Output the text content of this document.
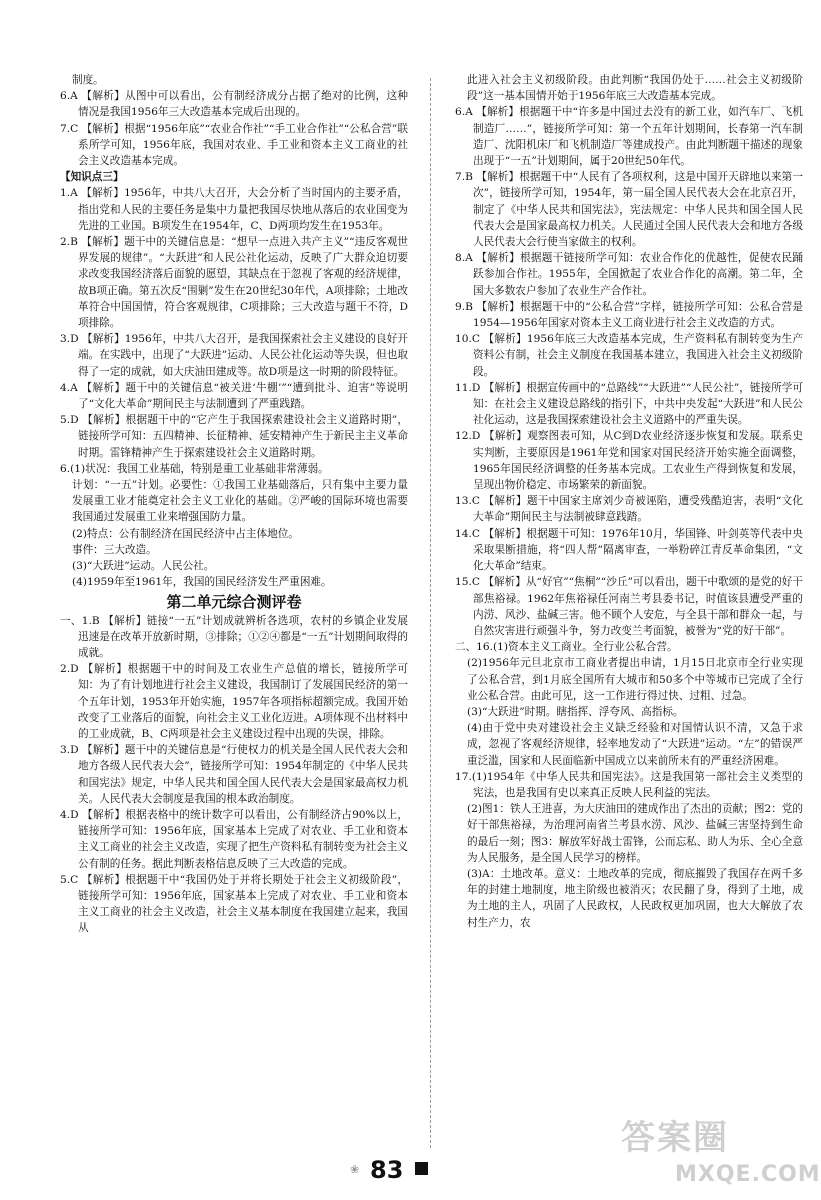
制度。
6.A 【解析】从图中可以看出，公有制经济成分占据了绝对的比例，这种情况是我国1956年三大改造基本完成后出现的。
7.C 【解析】根据“1956年底”“农业合作社”“手工业合作社”“公私合营”联系所学可知，1956年底，我国对农业、手工业和资本主义工商业的社会主义改造基本完成。
【知识点三】
1.A 【解析】1956年，中共八大召开，大会分析了当时国内的主要矛盾，指出党和人民的主要任务是集中力量把我国尽快地从落后的农业国变为先进的工业国。B项发生在1954年，C、D两项均发生在1953年。
2.B 【解析】题干中的关键信息是：“想早一点进入共产主义”“违反客观世界发展的规律”。“大跃进”和人民公社化运动，反映了广大群众迫切要求改变我国经济落后面貌的愿望，其缺点在于忽视了客观的经济规律，故B项正确。第五次反“围剿”发生在20世纪30年代，A项排除；土地改革符合中国国情，符合客观规律，C项排除；三大改造与题干不符，D项排除。
3.D 【解析】1956年，中共八大召开，是我国探索社会主义建设的良好开端。在实践中，出现了“大跃进”运动、人民公社化运动等失误，但也取得了一定的成就，如大庆油田建成等。故D项是这一时期的阶段特征。
4.A 【解析】题干中的关键信息“被关进‘牛棚’”“遭到批斗、迫害”等说明了“文化大革命”期间民主与法制遭到了严重践踏。
5.D 【解析】根据题干中的“它产生于我国探索建设社会主义道路时期”，链接所学可知：五四精神、长征精神、延安精神产生于新民主主义革命时期。雷锋精神产生于探索建设社会主义道路时期。
6.(1)状况：我国工业基础，特别是重工业基础非常薄弱。
计划：“一五”计划。必要性：①我国工业基础落后，只有集中主要力量发展重工业才能奠定社会主义工业化的基础。②严峻的国际环境也需要我国通过发展重工业来增强国防力量。
(2)特点：公有制经济在国民经济中占主体地位。
事件：三大改造。
(3)“大跃进”运动。人民公社。
(4)1959年至1961年，我国的国民经济发生严重困难。
第二单元综合测评卷
一、1.B 【解析】链接“一五”计划成就辨析各选项，农村的乡镇企业发展迅速是在改革开放新时期，③排除；①②④都是“一五”计划期间取得的成就。
2.D 【解析】根据题干中的时间及工农业生产总值的增长，链接所学可知：为了有计划地进行社会主义建设，我国制订了发展国民经济的第一个五年计划，1953年开始实施，1957年各项指标超额完成。我国开始改变了工业落后的面貌，向社会主义工业化迈进。A项体现不出材料中的工业成就，B、C两项是社会主义建设过程中出现的失误，排除。
3.D 【解析】题干中的关键信息是“行使权力的机关是全国人民代表大会和地方各级人民代表大会”，链接所学可知：1954年制定的《中华人民共和国宪法》规定，中华人民共和国全国人民代表大会是国家最高权力机关。人民代表大会制度是我国的根本政治制度。
4.D 【解析】根据表格中的统计数字可以看出，公有制经济占90%以上，链接所学可知：1956年底，国家基本上完成了对农业、手工业和资本主义工商业的社会主义改造，实现了把生产资料私有制转变为社会主义公有制的任务。据此判断表格信息反映了三大改造的完成。
5.C 【解析】根据题干中“我国仍处于并将长期处于社会主义初级阶段”，链接所学可知：1956年底，国家基本上完成了对农业、手工业和资本主义工商业的社会主义改造，社会主义基本制度在我国建立起来，我国从
此进入社会主义初级阶段。由此判断“我国仍处于……社会主义初级阶段”这一基本国情开始于1956年底三大改造基本完成。
6.A 【解析】根据题干中“许多是中国过去没有的新工业，如汽车厂、飞机制造厂……”，链接所学可知：第一个五年计划期间，长春第一汽车制造厂、沈阳机床厂和飞机制造厂等建成投产。由此判断题干描述的现象出现于“一五”计划期间，属于20世纪50年代。
7.B 【解析】根据题干中“人民有了各项权利，这是中国开天辟地以来第一次”，链接所学可知，1954年，第一届全国人民代表大会在北京召开，制定了《中华人民共和国宪法》，宪法规定：中华人民共和国全国人民代表大会是国家最高权力机关。人民通过全国人民代表大会和地方各级人民代表大会行使当家做主的权利。
8.A 【解析】根据题干链接所学可知：农业合作化的优越性，促使农民踊跃参加合作社。1955年，全国掀起了农业合作化的高潮。第二年，全国大多数农户参加了农业生产合作社。
9.B 【解析】根据题干中的“公私合营”字样，链接所学可知：公私合营是1954—1956年国家对资本主义工商业进行社会主义改造的方式。
10.C 【解析】1956年底三大改造基本完成，生产资料私有制转变为生产资料公有制，社会主义制度在我国基本建立，我国进入社会主义初级阶段。
11.D 【解析】根据宣传画中的“总路线”“大跃进”“人民公社”，链接所学可知：在社会主义建设总路线的指引下，中共中央发起“大跃进”和人民公社化运动，这是我国探索建设社会主义道路中的严重失误。
12.D 【解析】观察图表可知，从C到D农业经济逐步恢复和发展。联系史实判断，主要原因是1961年党和国家对国民经济开始实施全面调整，1965年国民经济调整的任务基本完成。工农业生产得到恢复和发展，呈现出物价稳定、市场繁荣的新面貌。
13.C 【解析】题干中国家主席刘少奇被诬陷，遭受残酷迫害，表明“文化大革命”期间民主与法制被肆意践踏。
14.C 【解析】根据题干可知：1976年10月，华国锋、叶剑英等代表中央采取果断措施，将“四人帮”隔离审查，一举粉碎江青反革命集团，“文化大革命”结束。
15.C 【解析】从“好官”“焦桐”“沙丘”可以看出，题干中歌颂的是党的好干部焦裕禄。1962年焦裕禄任河南兰考县委书记，时值该县遭受严重的内涝、风沙、盐碱三害。他不顾个人安危，与全县干部和群众一起，与自然灾害进行顽强斗争，努力改变兰考面貌，被誉为“党的好干部”。
二、16.(1)资本主义工商业。全行业公私合营。
(2)1956年元旦北京市工商业者提出申请，1月15日北京市全行业实现了公私合营，到1月底全国所有大城市和50多个中等城市已完成了全行业公私合营。由此可见，这一工作进行得过快、过粗、过急。
(3)“大跃进”时期。瞎指挥、浮夸风、高指标。
(4)由于党中央对建设社会主义缺乏经验和对国情认识不清，又急于求成，忽视了客观经济规律，轻率地发动了“大跃进”运动。“左”的错误严重泛滥，国家和人民面临新中国成立以来前所未有的严重经济困难。
17.(1)1954年《中华人民共和国宪法》。这是我国第一部社会主义类型的宪法，也是我国有史以来真正反映人民利益的宪法。
(2)图1：铁人王进喜，为大庆油田的建成作出了杰出的贡献；图2：党的好干部焦裕禄，为治理河南省兰考县水涝、风沙、盐碱三害坚持到生命的最后一刻；图3：解放军好战士雷锋，公而忘私、助人为乐、全心全意为人民服务，是全国人民学习的榜样。
(3)A：土地改革。意义：土地改革的完成，彻底摧毁了我国存在两千多年的封建土地制度，地主阶级也被消灭；农民翻了身，得到了土地，成为土地的主人，巩固了人民政权，人民政权更加巩固，也大大解放了农村生产力，农
❀ 83
答案圈
MXQE.COM
